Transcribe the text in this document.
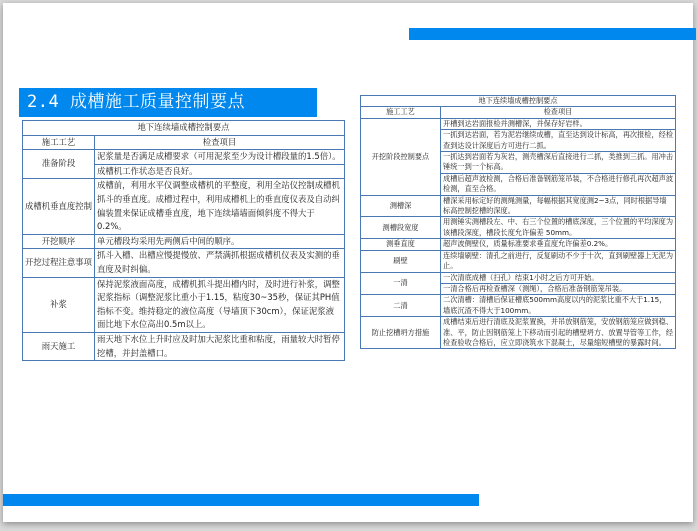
2.4 成槽施工质量控制要点
地下连续墙成槽控制要点	
施工工艺	检查项目
准备阶段	泥浆量是否满足成槽要求（可用泥浆至少为设计槽段量的1.5倍）。
	成槽机工作状态是否良好。
成槽机垂直度控制	成槽前，利用水平仪调整成槽机的平整度，利用全站仪控制成槽机抓斗的垂直度。成槽过程中，利用成槽机上的垂直度仪表及自动纠偏装置来保证成槽垂直度，地下连续墙墙面倾斜度不得大于0.2%。
开挖顺序	单元槽段均采用先两侧后中间的顺序。
开挖过程注意事项	抓斗入槽、出槽应慢提慢放、严禁满抓根据成槽机仪表及实测的垂直度及时纠偏。
补浆	保持泥浆液面高度，成槽机抓斗提出槽内时，及时进行补浆，调整泥浆指标（调整泥浆比重小于1.15，粘度30~35秒，保证其PH值指标不变。维持稳定的液位高度（导墙顶下30cm），保证泥浆液面比地下水位高出0.5m以上。
雨天施工	雨天地下水位上升时应及时加大泥浆比重和粘度，雨量较大时暂停挖槽，并封盖槽口。
地下连续墙成槽控制要点	
施工工艺	检查项目
开挖阶段控制要点	开槽到达岩面报检并测槽深，并保存好岩样。
	一抓到达岩面，若为泥岩继续成槽，直至达到设计标高，再次报检，经检查到达设计深度后方可进行二抓。
	一抓达到岩面若为灰岩，测壳槽深后直接进行二抓，类推到三抓。用冲击锤统一到一个标高。
	成槽后超声波检测，合格后准备钢筋笼吊装，不合格进行修孔再次超声波检测，直至合格。
测槽深	槽深采用标定好的测绳测量，每幅根据其宽度测2~3点，同时根据导墙标高控制挖槽的深度。
测槽段宽度	用测锤实测槽段左、中、右三个位置的槽底深度，三个位置的平均深度为该槽段深度，槽段长度允许偏差 50mm。
测垂直度	超声波侧壁仪，质量标准要求垂直度允许偏差0.2%。
刷壁	连续墙刷壁：清孔之前进行，反复刷动不少于十次，直到刷壁器上无泥为止。
一清	一次清底成槽（扫孔）结束1小时之后方可开始。
	一清合格后再检查槽深（测绳），合格后准备钢筋笼吊装。
二清	二次清槽：清槽后保证槽底500mm高度以内的泥浆比重不大于1.15，墙底沉渣不得大于100mm。
防止挖槽坍方措施	成槽结束后进行清底及泥浆置换，并吊放钢筋笼，安放钢筋笼应做到稳、准、平，防止因钢筋笼上下移动而引起的槽壁坍方、放置导管等工作，经检查验收合格后，应立即浇筑水下混凝土，尽量缩短槽壁的暴露时间。
